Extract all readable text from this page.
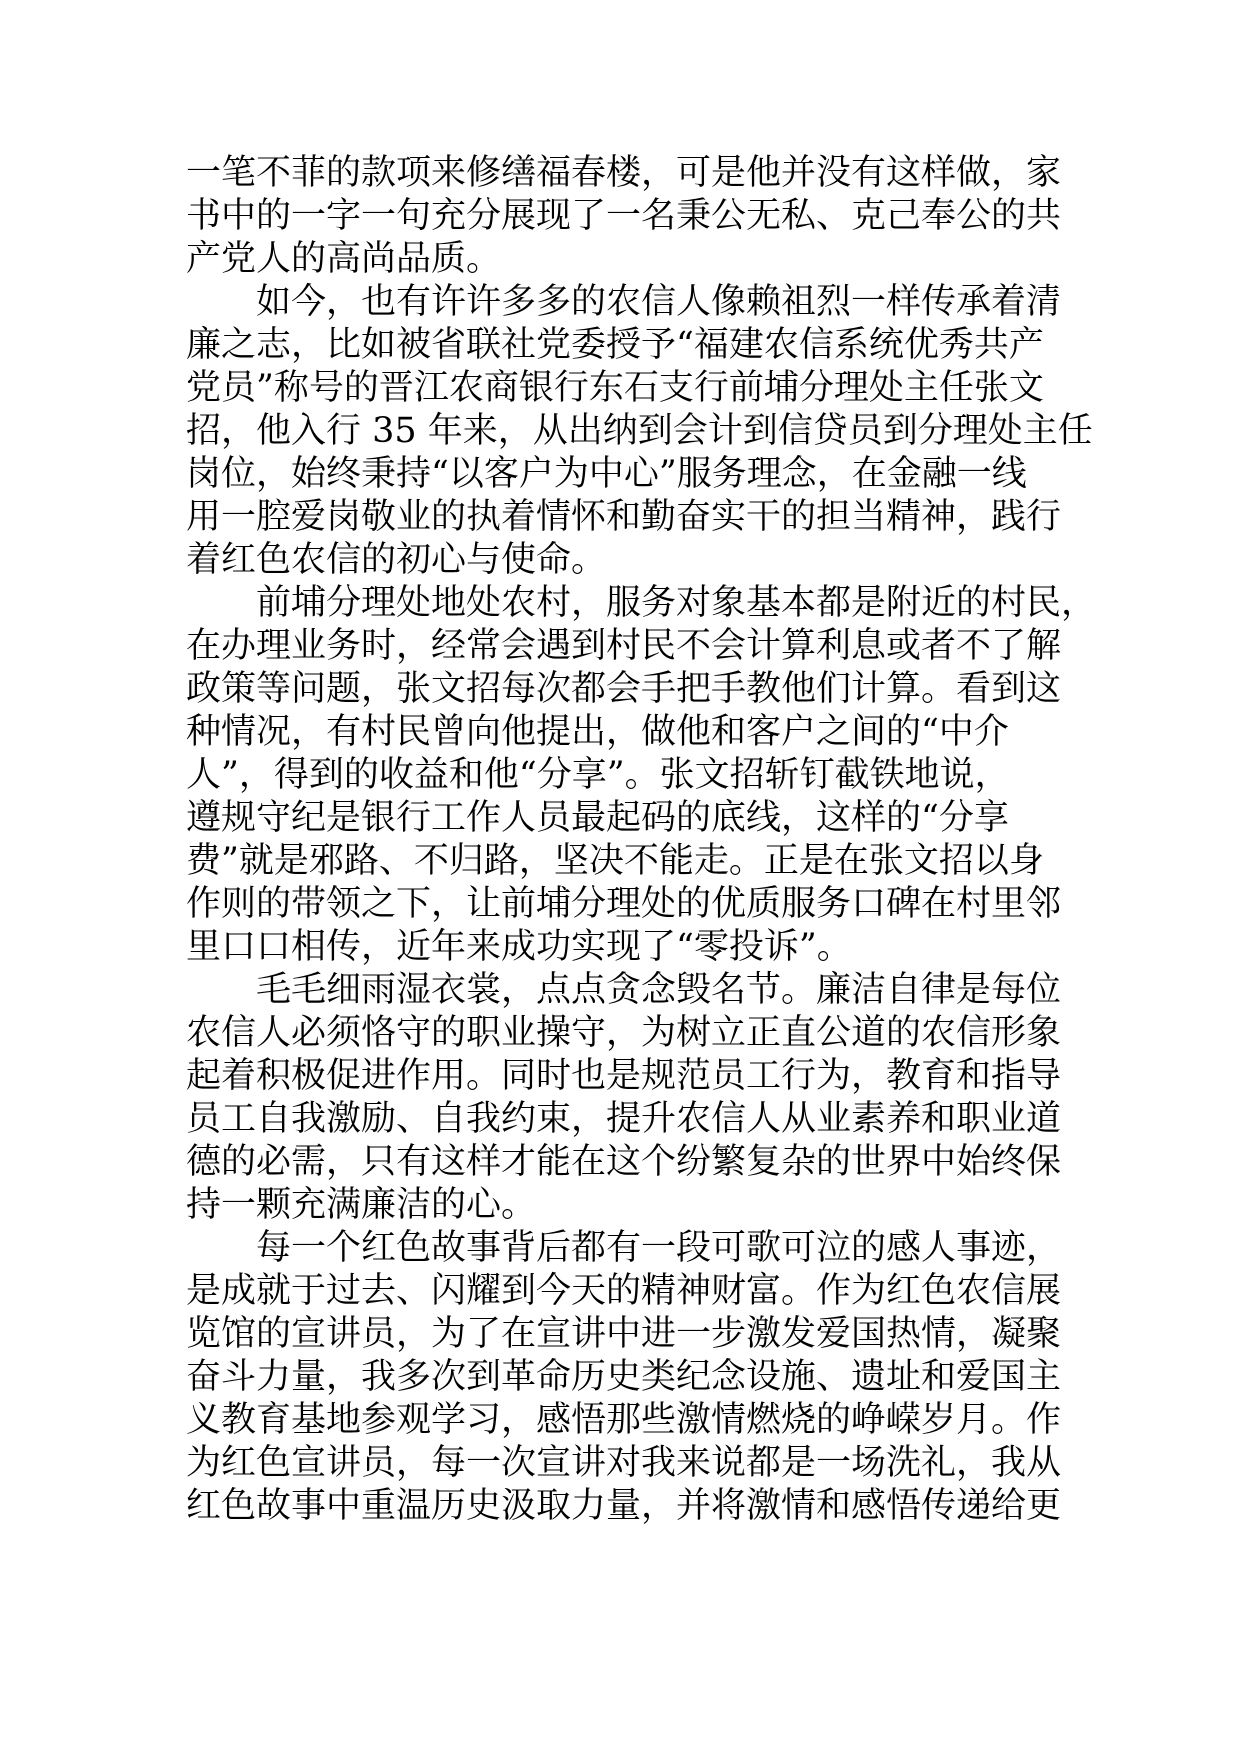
一笔不菲的款项来修缮福春楼，可是他并没有这样做，家
书中的一字一句充分展现了一名秉公无私、克己奉公的共
产党人的高尚品质。
　　如今，也有许许多多的农信人像赖祖烈一样传承着清
廉之志，比如被省联社党委授予“福建农信系统优秀共产
党员”称号的晋江农商银行东石支行前埔分理处主任张文
招，他入行 35 年来，从出纳到会计到信贷员到分理处主任
岗位，始终秉持“以客户为中心”服务理念，在金融一线
用一腔爱岗敬业的执着情怀和勤奋实干的担当精神，践行
着红色农信的初心与使命。
　　前埔分理处地处农村，服务对象基本都是附近的村民，
在办理业务时，经常会遇到村民不会计算利息或者不了解
政策等问题，张文招每次都会手把手教他们计算。看到这
种情况，有村民曾向他提出，做他和客户之间的“中介
人”，得到的收益和他“分享”。张文招斩钉截铁地说，
遵规守纪是银行工作人员最起码的底线，这样的“分享
费”就是邪路、不归路，坚决不能走。正是在张文招以身
作则的带领之下，让前埔分理处的优质服务口碑在村里邻
里口口相传，近年来成功实现了“零投诉”。
　　毛毛细雨湿衣裳，点点贪念毁名节。廉洁自律是每位
农信人必须恪守的职业操守，为树立正直公道的农信形象
起着积极促进作用。同时也是规范员工行为，教育和指导
员工自我激励、自我约束，提升农信人从业素养和职业道
德的必需，只有这样才能在这个纷繁复杂的世界中始终保
持一颗充满廉洁的心。
　　每一个红色故事背后都有一段可歌可泣的感人事迹，
是成就于过去、闪耀到今天的精神财富。作为红色农信展
览馆的宣讲员，为了在宣讲中进一步激发爱国热情，凝聚
奋斗力量，我多次到革命历史类纪念设施、遗址和爱国主
义教育基地参观学习，感悟那些激情燃烧的峥嵘岁月。作
为红色宣讲员，每一次宣讲对我来说都是一场洗礼，我从
红色故事中重温历史汲取力量，并将激情和感悟传递给更
